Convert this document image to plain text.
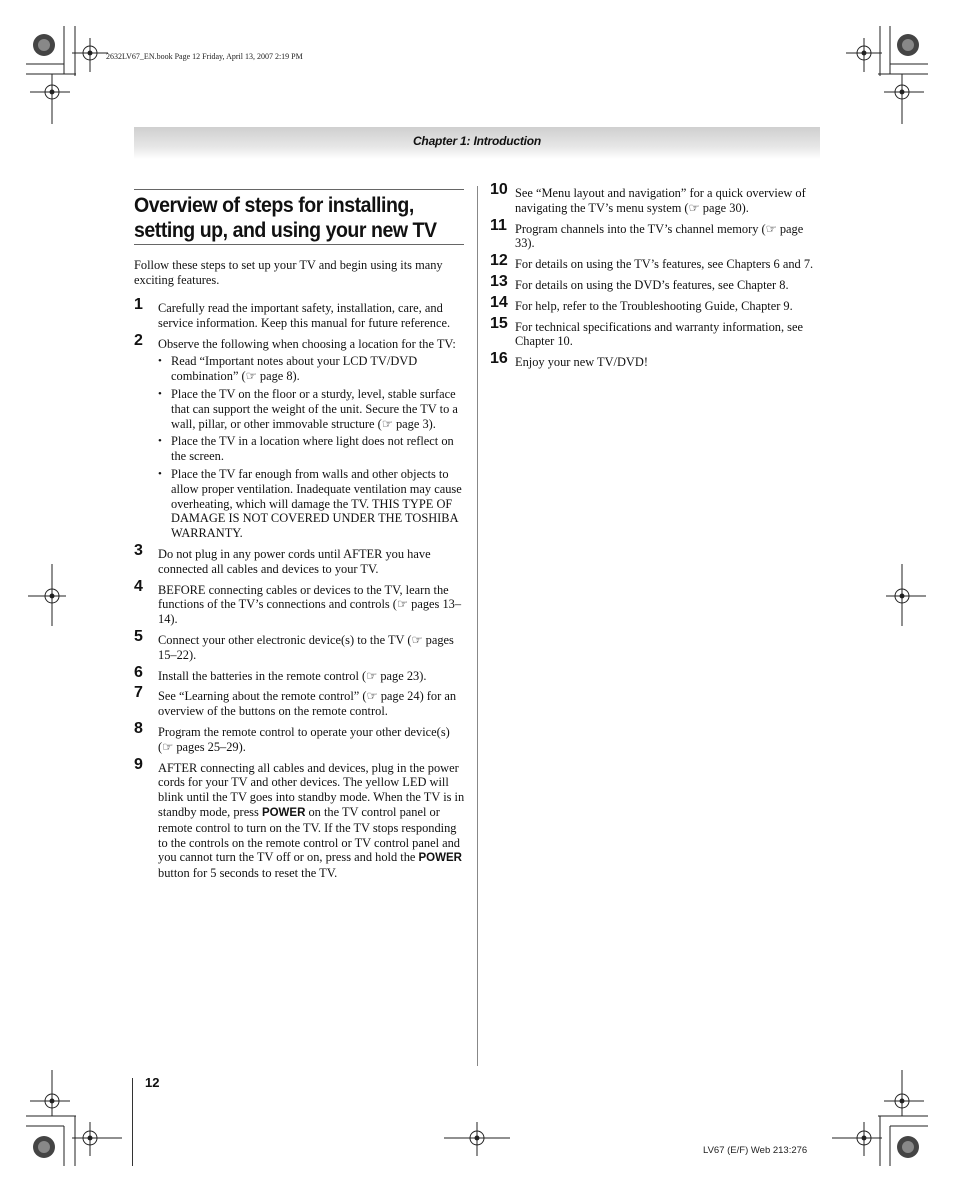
2632LV67_EN.book Page 12 Friday, April 13, 2007 2:19 PM
Chapter 1: Introduction
Overview of steps for installing,
setting up, and using your new TV
Follow these steps to set up your TV and begin using its many exciting features.
1 Carefully read the important safety, installation, care, and service information. Keep this manual for future reference.
2 Observe the following when choosing a location for the TV:
• Read “Important notes about your LCD TV/DVD combination” (☞ page 8).
• Place the TV on the floor or a sturdy, level, stable surface that can support the weight of the unit. Secure the TV to a wall, pillar, or other immovable structure (☞ page 3).
• Place the TV in a location where light does not reflect on the screen.
• Place the TV far enough from walls and other objects to allow proper ventilation. Inadequate ventilation may cause overheating, which will damage the TV. THIS TYPE OF DAMAGE IS NOT COVERED UNDER THE TOSHIBA WARRANTY.
3 Do not plug in any power cords until AFTER you have connected all cables and devices to your TV.
4 BEFORE connecting cables or devices to the TV, learn the functions of the TV’s connections and controls (☞ pages 13–14).
5 Connect your other electronic device(s) to the TV (☞ pages 15–22).
6 Install the batteries in the remote control (☞ page 23).
7 See “Learning about the remote control” (☞ page 24) for an overview of the buttons on the remote control.
8 Program the remote control to operate your other device(s) (☞ pages 25–29).
9 AFTER connecting all cables and devices, plug in the power cords for your TV and other devices. The yellow LED will blink until the TV goes into standby mode. When the TV is in standby mode, press POWER on the TV control panel or remote control to turn on the TV. If the TV stops responding to the controls on the remote control or TV control panel and you cannot turn the TV off or on, press and hold the POWER button for 5 seconds to reset the TV.
10 See “Menu layout and navigation” for a quick overview of navigating the TV’s menu system (☞ page 30).
11 Program channels into the TV’s channel memory (☞ page 33).
12 For details on using the TV’s features, see Chapters 6 and 7.
13 For details on using the DVD’s features, see Chapter 8.
14 For help, refer to the Troubleshooting Guide, Chapter 9.
15 For technical specifications and warranty information, see Chapter 10.
16 Enjoy your new TV/DVD!
12
LV67 (E/F) Web 213:276
